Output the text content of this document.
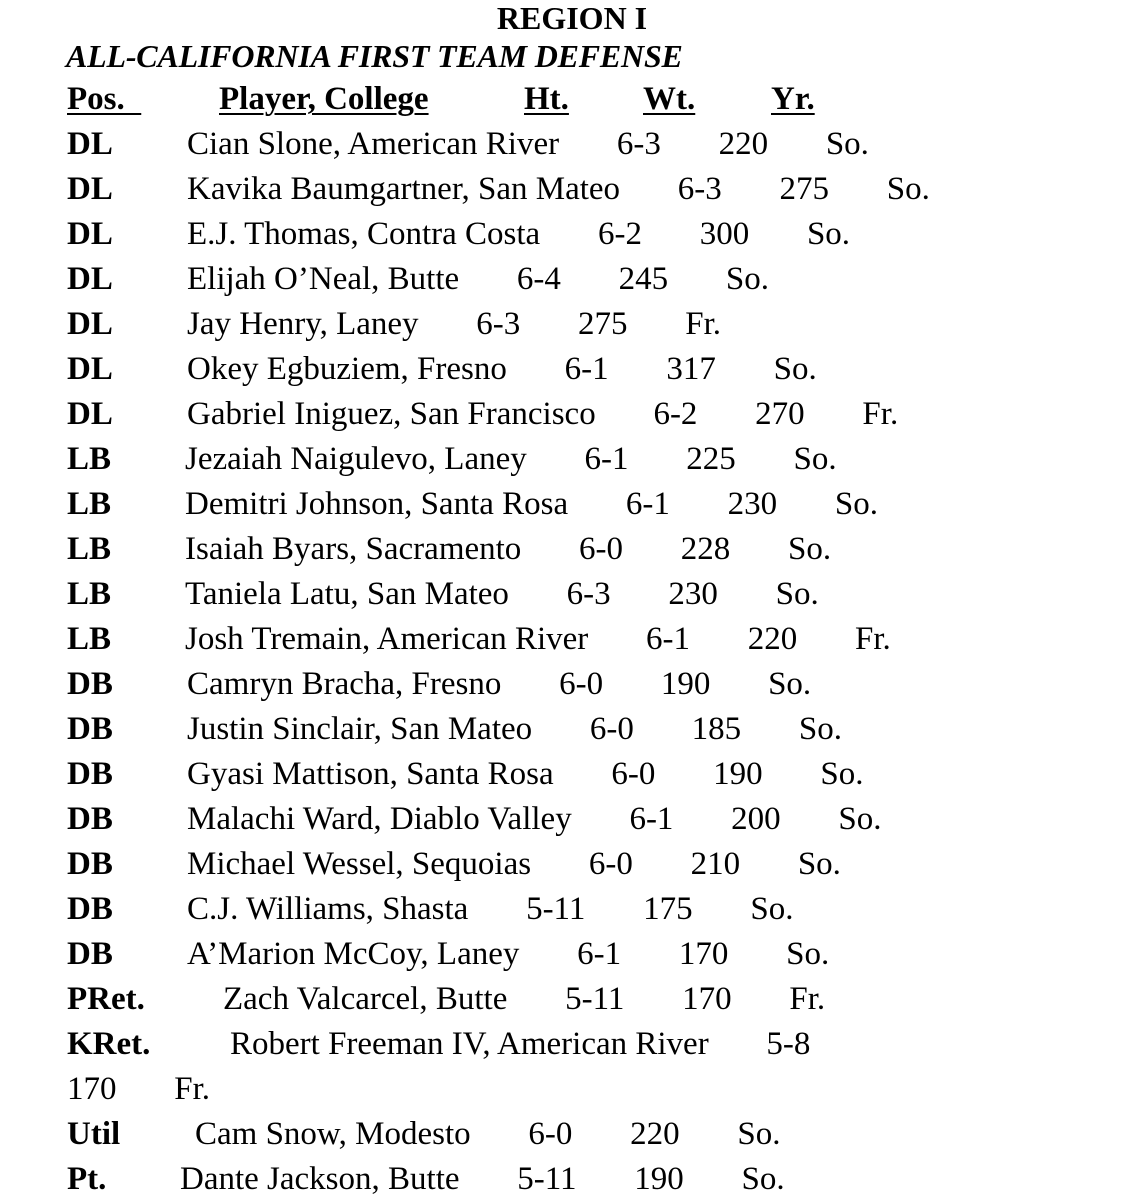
REGION I
ALL-CALIFORNIA FIRST TEAM DEFENSE
Pos. Player, College	Ht. Wt. Yr.
DL Cian Slone, American River       6-3       220       So.
DL Kavika Baumgartner, San Mateo       6-3       275       So.
DL E.J. Thomas, Contra Costa       6-2       300       So.
DL Elijah O’Neal, Butte       6-4       245       So.
DL Jay Henry, Laney       6-3       275       Fr.
DL Okey Egbuziem, Fresno       6-1       317       So.
DL Gabriel Iniguez, San Francisco       6-2       270       Fr.
LB Jezaiah Naigulevo, Laney       6-1       225       So.
LB Demitri Johnson, Santa Rosa       6-1       230       So.
LB Isaiah Byars, Sacramento       6-0       228       So.
LB Taniela Latu, San Mateo       6-3       230       So.
LB Josh Tremain, American River       6-1       220       Fr.
DB Camryn Bracha, Fresno       6-0       190       So.
DB Justin Sinclair, San Mateo       6-0       185       So.
DB Gyasi Mattison, Santa Rosa       6-0       190       So.
DB Malachi Ward, Diablo Valley       6-1       200       So.
DB Michael Wessel, Sequoias       6-0       210       So.
DB C.J. Williams, Shasta       5-11       175       So.
DB A’Marion McCoy, Laney       6-1       170       So.
PRet. Zach Valcarcel, Butte       5-11       170       Fr.
KRet. Robert Freeman IV, American River       5-8
170       Fr.
Util Cam Snow, Modesto       6-0       220       So.
Pt. Dante Jackson, Butte       5-11       190       So.
